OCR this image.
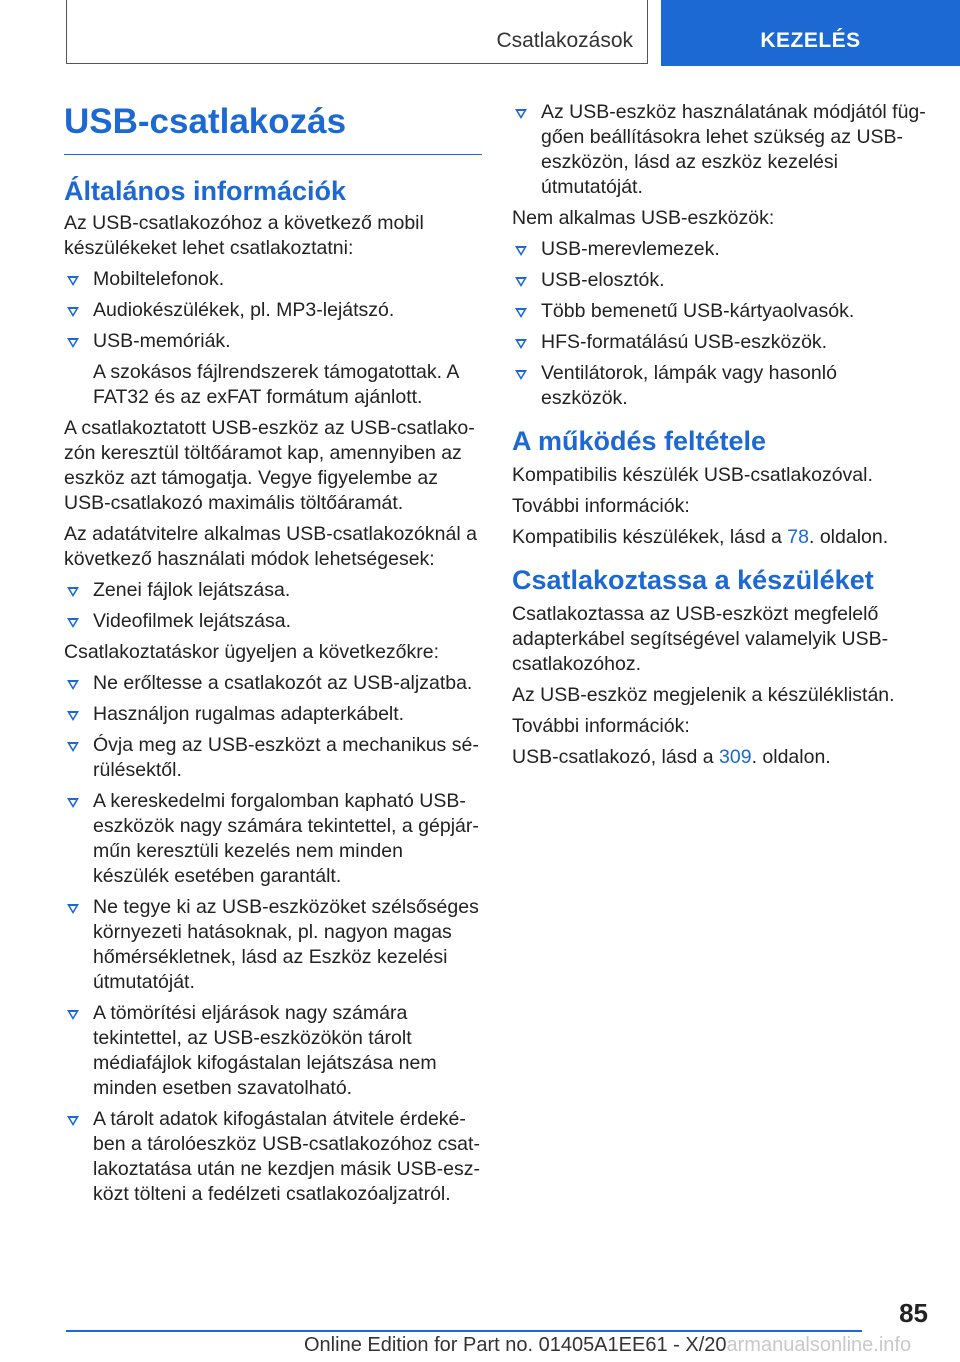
Csatlakozások	KEZELÉS
USB-csatlakozás
Általános információk

Az USB-csatlakozóhoz a következő mobil készülékeket lehet csatlakoztatni:

Mobiltelefonok.
Audiokészülékek, pl. MP3-lejátszó.
USB-memóriák.

A szokásos fájlrendszerek támogatottak. A FAT32 és az exFAT formátum ajánlott.

A csatlakoztatott USB-eszköz az USB-csatlakozón keresztül töltőáramot kap, amennyiben az eszköz azt támogatja. Vegye figyelembe az USB-csatlakozó maximális töltőáramát.

Az adatátvitelre alkalmas USB-csatlakozóknál a következő használati módok lehetségesek:

Zenei fájlok lejátszása.
Videofilmek lejátszása.

Csatlakoztatáskor ügyeljen a következőkre:

Ne erőltesse a csatlakozót az USB-aljzatba.
Használjon rugalmas adapterkábelt.
Óvja meg az USB-eszközt a mechanikus sérülésektől.
A kereskedelmi forgalomban kapható USB-eszközök nagy számára tekintettel, a gépjárműn keresztüli kezelés nem minden készülék esetében garantált.
Ne tegye ki az USB-eszközöket szélsőséges környezeti hatásoknak, pl. nagyon magas hőmérsékletnek, lásd az Eszköz kezelési útmutatóját.
A tömörítési eljárások nagy számára tekintettel, az USB-eszközökön tárolt médiafájlok kifogástalan lejátszása nem minden esetben szavatolható.
A tárolt adatok kifogástalan átvitele érdekében a tárolóeszköz USB-csatlakozóhoz csatlakoztatása után ne kezdjen másik USB-eszközt tölteni a fedélzeti csatlakozóaljzatról.
Az USB-eszköz használatának módjától függően beállításokra lehet szükség az USB-eszközön, lásd az eszköz kezelési útmutatóját.

Nem alkalmas USB-eszközök:

USB-merevlemezek.
USB-elosztók.
Több bemenetű USB-kártyaolvasók.
HFS-formatálású USB-eszközök.
Ventilátorok, lámpák vagy hasonló eszközök.
A működés feltétele

Kompatibilis készülék USB-csatlakozóval.

További információk:

Kompatibilis készülékek, lásd a 78. oldalon.

Csatlakoztassa a készüléket

Csatlakoztassa az USB-eszközt megfelelő adapterkábel segítségével valamelyik USB-csatlakozóhoz.

Az USB-eszköz megjelenik a készüléklistán.

További információk:

USB-csatlakozó, lásd a 309. oldalon.

85
Online Edition for Part no. 01405A1EE61 - X/20armanualsonline.info
